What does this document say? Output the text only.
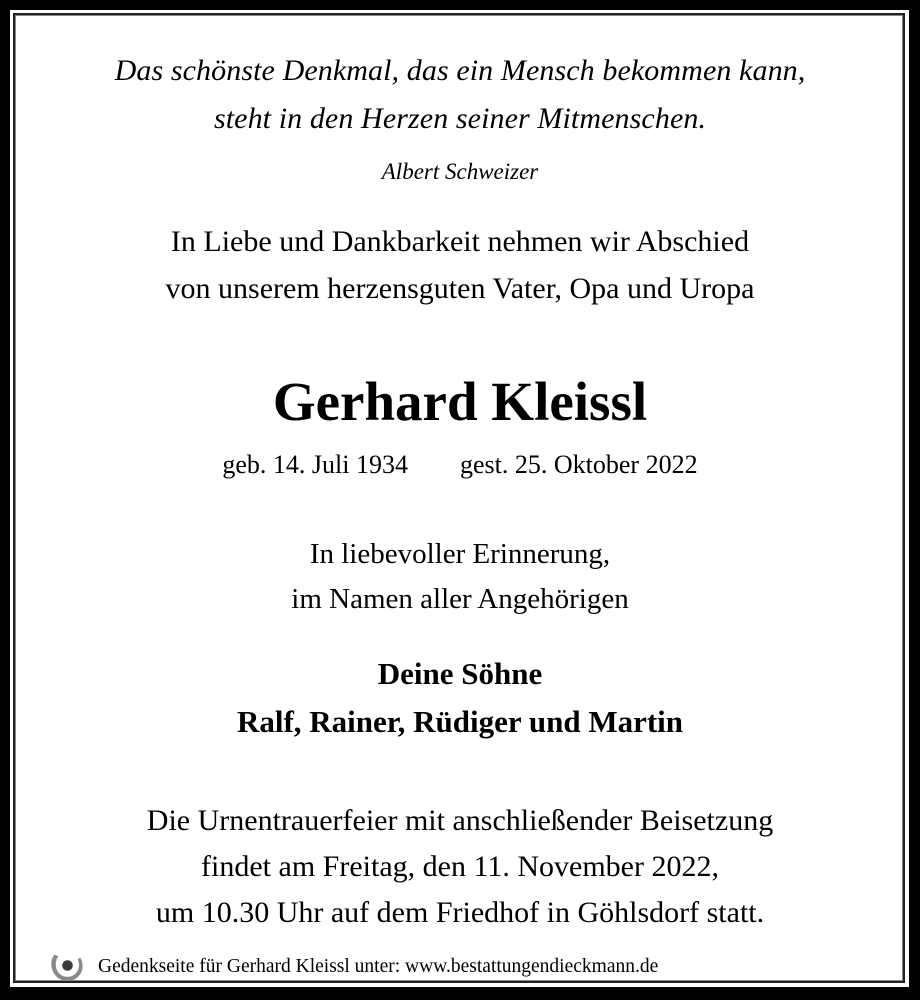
Das schönste Denkmal, das ein Mensch bekommen kann,
steht in den Herzen seiner Mitmenschen.
Albert Schweizer
In Liebe und Dankbarkeit nehmen wir Abschied
von unserem herzensguten Vater, Opa und Uropa
Gerhard Kleissl
geb. 14. Juli 1934 gest. 25. Oktober 2022
In liebevoller Erinnerung,
im Namen aller Angehörigen
Deine Söhne
Ralf, Rainer, Rüdiger und Martin
Die Urnentrauerfeier mit anschließender Beisetzung
findet am Freitag, den 11. November 2022,
um 10.30 Uhr auf dem Friedhof in Göhlsdorf statt.
Gedenkseite für Gerhard Kleissl unter: www.bestattungendieckmann.de
